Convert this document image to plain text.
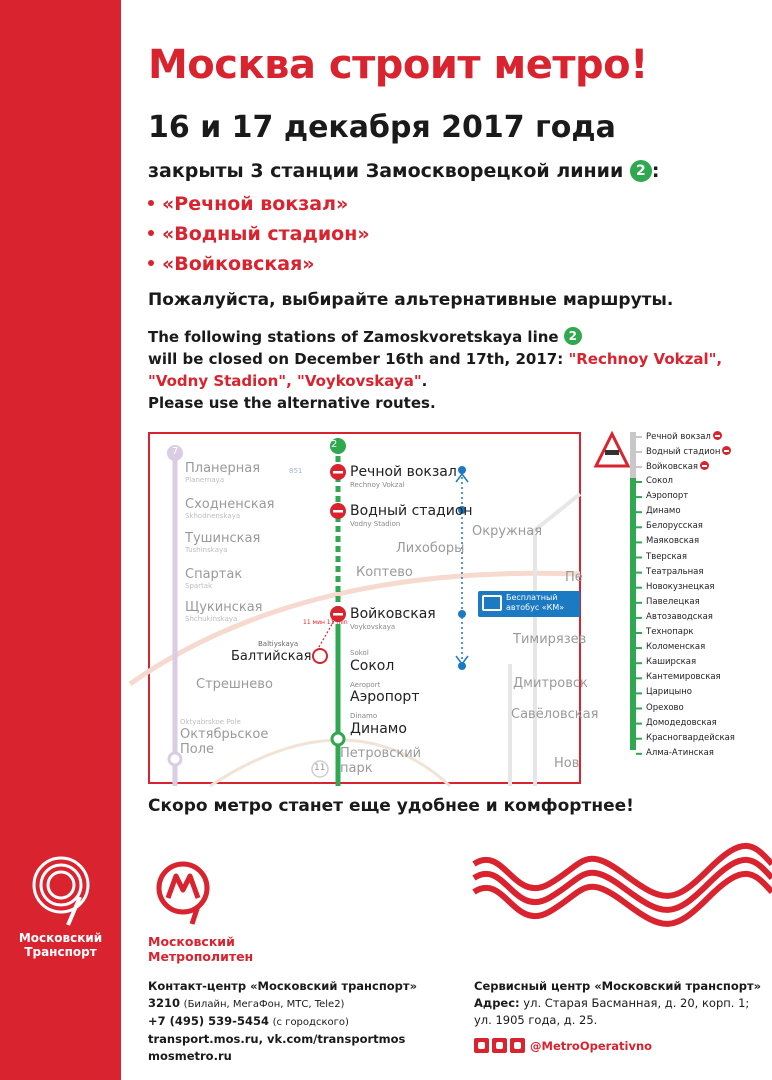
Московский
Транспорт
Москва строит метро!
16 и 17 декабря 2017 года
закрыты 3 станции Замоскворецкой линии 2 :
«Речной вокзал»
«Водный стадион»
«Войковская»
Пожалуйста, выбирайте альтернативные маршруты.
The following stations of Zamoskvoretskaya line 2
will be closed on December 16th and 17th, 2017: "Rechnoy Vokzal",
"Vodny Stadion", "Voykovskaya".
Please use the alternative routes.
2
7
11
851	Речной вокзал
Rechnoy Vokzal
Водный стадион
Vodny Stadion
Войковская
Voykovskaya
Sokol
Сокол
Aeroport
Аэропорт
Dinamo
Динамо
Baltiyskaya
Балтийская
11 мин 11 min
Планерная
Planernaya
Сходненская
Skhodnenskaya
Тушинская
Tushinskaya
Спартак
Spartak
Щукинская
Shchukinskaya
Стрешнево
Oktyabrskoe Pole
Октябрьское Поле
Окружная
Лихоборы
Коптево
Тимирязев
Дмитровск
Савёловская
Петровский парк	Нов
Пе
Бесплатный автобус «КМ»
Речной вокзал
Водный стадион
Войковская
Сокол
Аэропорт
Динамо
Белорусская
Маяковская
Тверская
Театральная
Новокузнецкая
Павелецкая
Автозаводская
Технопарк
Коломенская
Каширская
Кантемировская
Царицыно
Орехово
Домодедовская
Красногвардейская
Алма-Атинская
Скоро метро станет еще удобнее и комфортнее!
Московский
Метрополитен
Контакт-центр «Московский транспорт»
3210 (Билайн, МегаФон, МТС, Tele2)
+7 (495) 539-5454 (с городского)
transport.mos.ru, vk.com/transportmos
mosmetro.ru
Сервисный центр «Московский транспорт»
Адрес: ул. Старая Басманная, д. 20, корп. 1;
ул. 1905 года, д. 25.
@MetroOperativno
